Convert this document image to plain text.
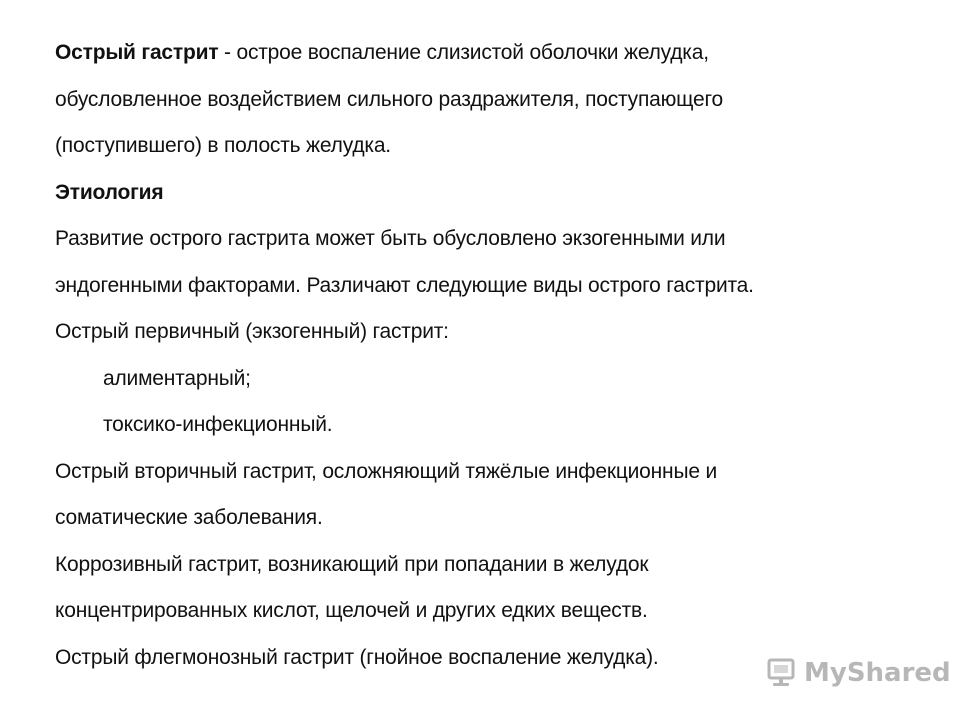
Острый гастрит - острое воспаление слизистой оболочки желудка,
обусловленное воздействием сильного раздражителя, поступающего
(поступившего) в полость желудка.
Этиология
Развитие острого гастрита может быть обусловлено экзогенными или
эндогенными факторами. Различают следующие виды острого гастрита.
Острый первичный (экзогенный) гастрит:
алиментарный;
токсико-инфекционный.
Острый вторичный гастрит, осложняющий тяжёлые инфекционные и
соматические заболевания.
Коррозивный гастрит, возникающий при попадании в желудок
концентрированных кислот, щелочей и других едких веществ.
Острый флегмонозный гастрит (гнойное воспаление желудка).
MyShared
